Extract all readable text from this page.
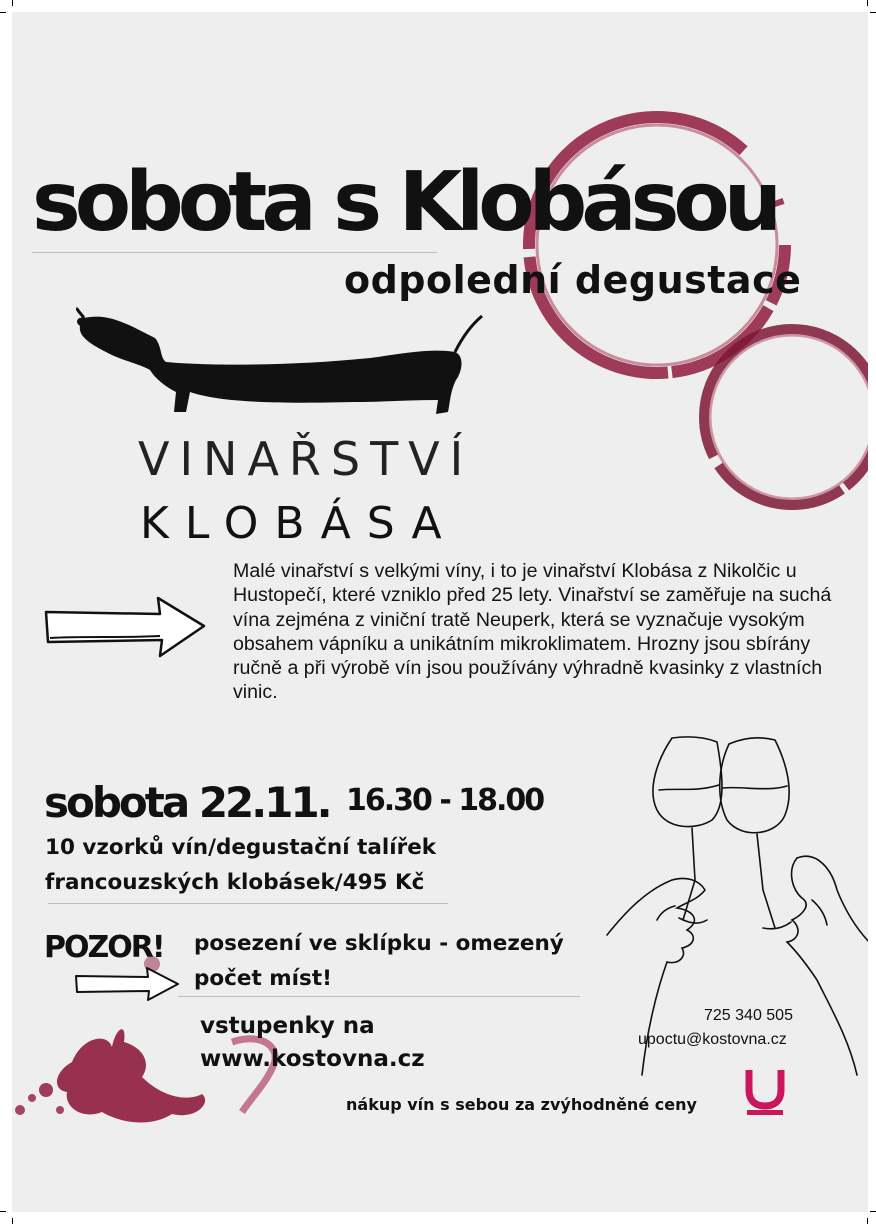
sobota s Klobásou
odpolední degustace
VINAŘSTVÍ
KLOBÁSA
Malé vinařství s velkými víny, i to je vinařství Klobása z Nikolčic u Hustopečí, které vzniklo před 25 lety. Vinařství se zaměřuje na suchá vína zejména z viniční tratě Neuperk, která se vyznačuje vysokým obsahem vápníku a unikátním mikroklimatem. Hrozny jsou sbírány ručně a při výrobě vín jsou používány výhradně kvasinky z vlastních vinic.
sobota 22.11. 16.30 - 18.00
10 vzorků vín/degustační talířek
francouzských klobásek/495 Kč
POZOR! posezení ve sklípku - omezený
počet míst!
vstupenky na
www.kostovna.cz
725 340 505
upoctu@kostovna.cz
nákup vín s sebou za zvýhodněné ceny
